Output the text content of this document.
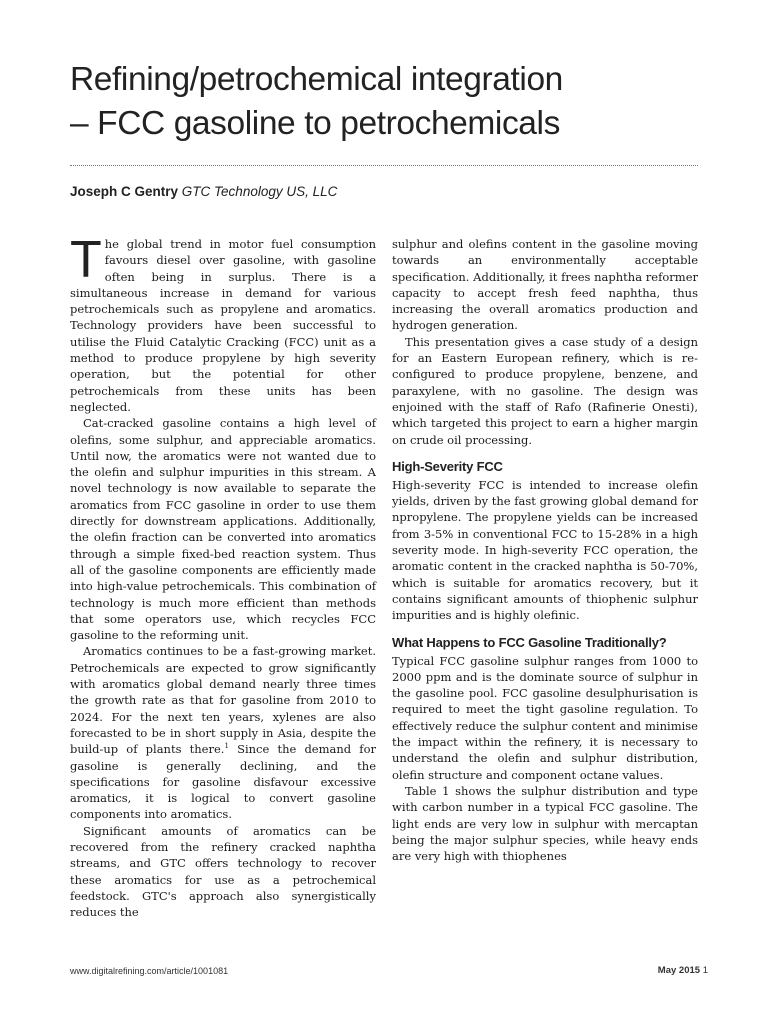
Refining/petrochemical integration
– FCC gasoline to petrochemicals
Joseph C Gentry GTC Technology US, LLC

The global trend in motor fuel consumption favours diesel over gasoline, with gasoline often being in surplus. There is a simultaneous increase in demand for various petrochemicals such as propylene and aromatics. Technology providers have been successful to utilise the Fluid Catalytic Cracking (FCC) unit as a method to produce propylene by high severity operation, but the potential for other petrochemicals from these units has been neglected.

Cat-cracked gasoline contains a high level of olefins, some sulphur, and appreciable aromatics. Until now, the aromatics were not wanted due to the olefin and sulphur impurities in this stream. A novel technology is now available to separate the aromatics from FCC gasoline in order to use them directly for downstream applications. Additionally, the olefin fraction can be converted into aromatics through a simple fixed-bed reaction system. Thus all of the gasoline components are efficiently made into high-value petrochemicals. This combination of technology is much more efficient than methods that some operators use, which recycles FCC gasoline to the reforming unit.

Aromatics continues to be a fast-growing market. Petrochemicals are expected to grow significantly with aromatics global demand nearly three times the growth rate as that for gasoline from 2010 to 2024. For the next ten years, xylenes are also forecasted to be in short supply in Asia, despite the build-up of plants there.$^1$ Since the demand for gasoline is generally declining, and the specifications for gasoline disfavour excessive aromatics, it is logical to convert gasoline components into aromatics.

Significant amounts of aromatics can be recovered from the refinery cracked naphtha streams, and GTC offers technology to recover these aromatics for use as a petrochemical feedstock. GTC's approach also synergistically reduces the

sulphur and olefins content in the gasoline moving towards an environmentally acceptable specification. Additionally, it frees naphtha reformer capacity to accept fresh feed naphtha, thus increasing the overall aromatics production and hydrogen generation.

This presentation gives a case study of a design for an Eastern European refinery, which is re-configured to produce propylene, benzene, and paraxylene, with no gasoline. The design was enjoined with the staff of Rafo (Rafinerie Onesti), which targeted this project to earn a higher margin on crude oil processing.

High-Severity FCC

High-severity FCC is intended to increase olefin yields, driven by the fast growing global demand for npropylene. The propylene yields can be increased from 3-5% in conventional FCC to 15-28% in a high severity mode. In high-severity FCC operation, the aromatic content in the cracked naphtha is 50-70%, which is suitable for aromatics recovery, but it contains significant amounts of thiophenic sulphur impurities and is highly olefinic.

What Happens to FCC Gasoline Traditionally?

Typical FCC gasoline sulphur ranges from 1000 to 2000 ppm and is the dominate source of sulphur in the gasoline pool. FCC gasoline desulphurisation is required to meet the tight gasoline regulation. To effectively reduce the sulphur content and minimise the impact within the refinery, it is necessary to understand the olefin and sulphur distribution, olefin structure and component octane values.

Table 1 shows the sulphur distribution and type with carbon number in a typical FCC gasoline. The light ends are very low in sulphur with mercaptan being the major sulphur species, while heavy ends are very high with thiophenes

www.digitalrefining.com/article/1001081	May 2015 1
